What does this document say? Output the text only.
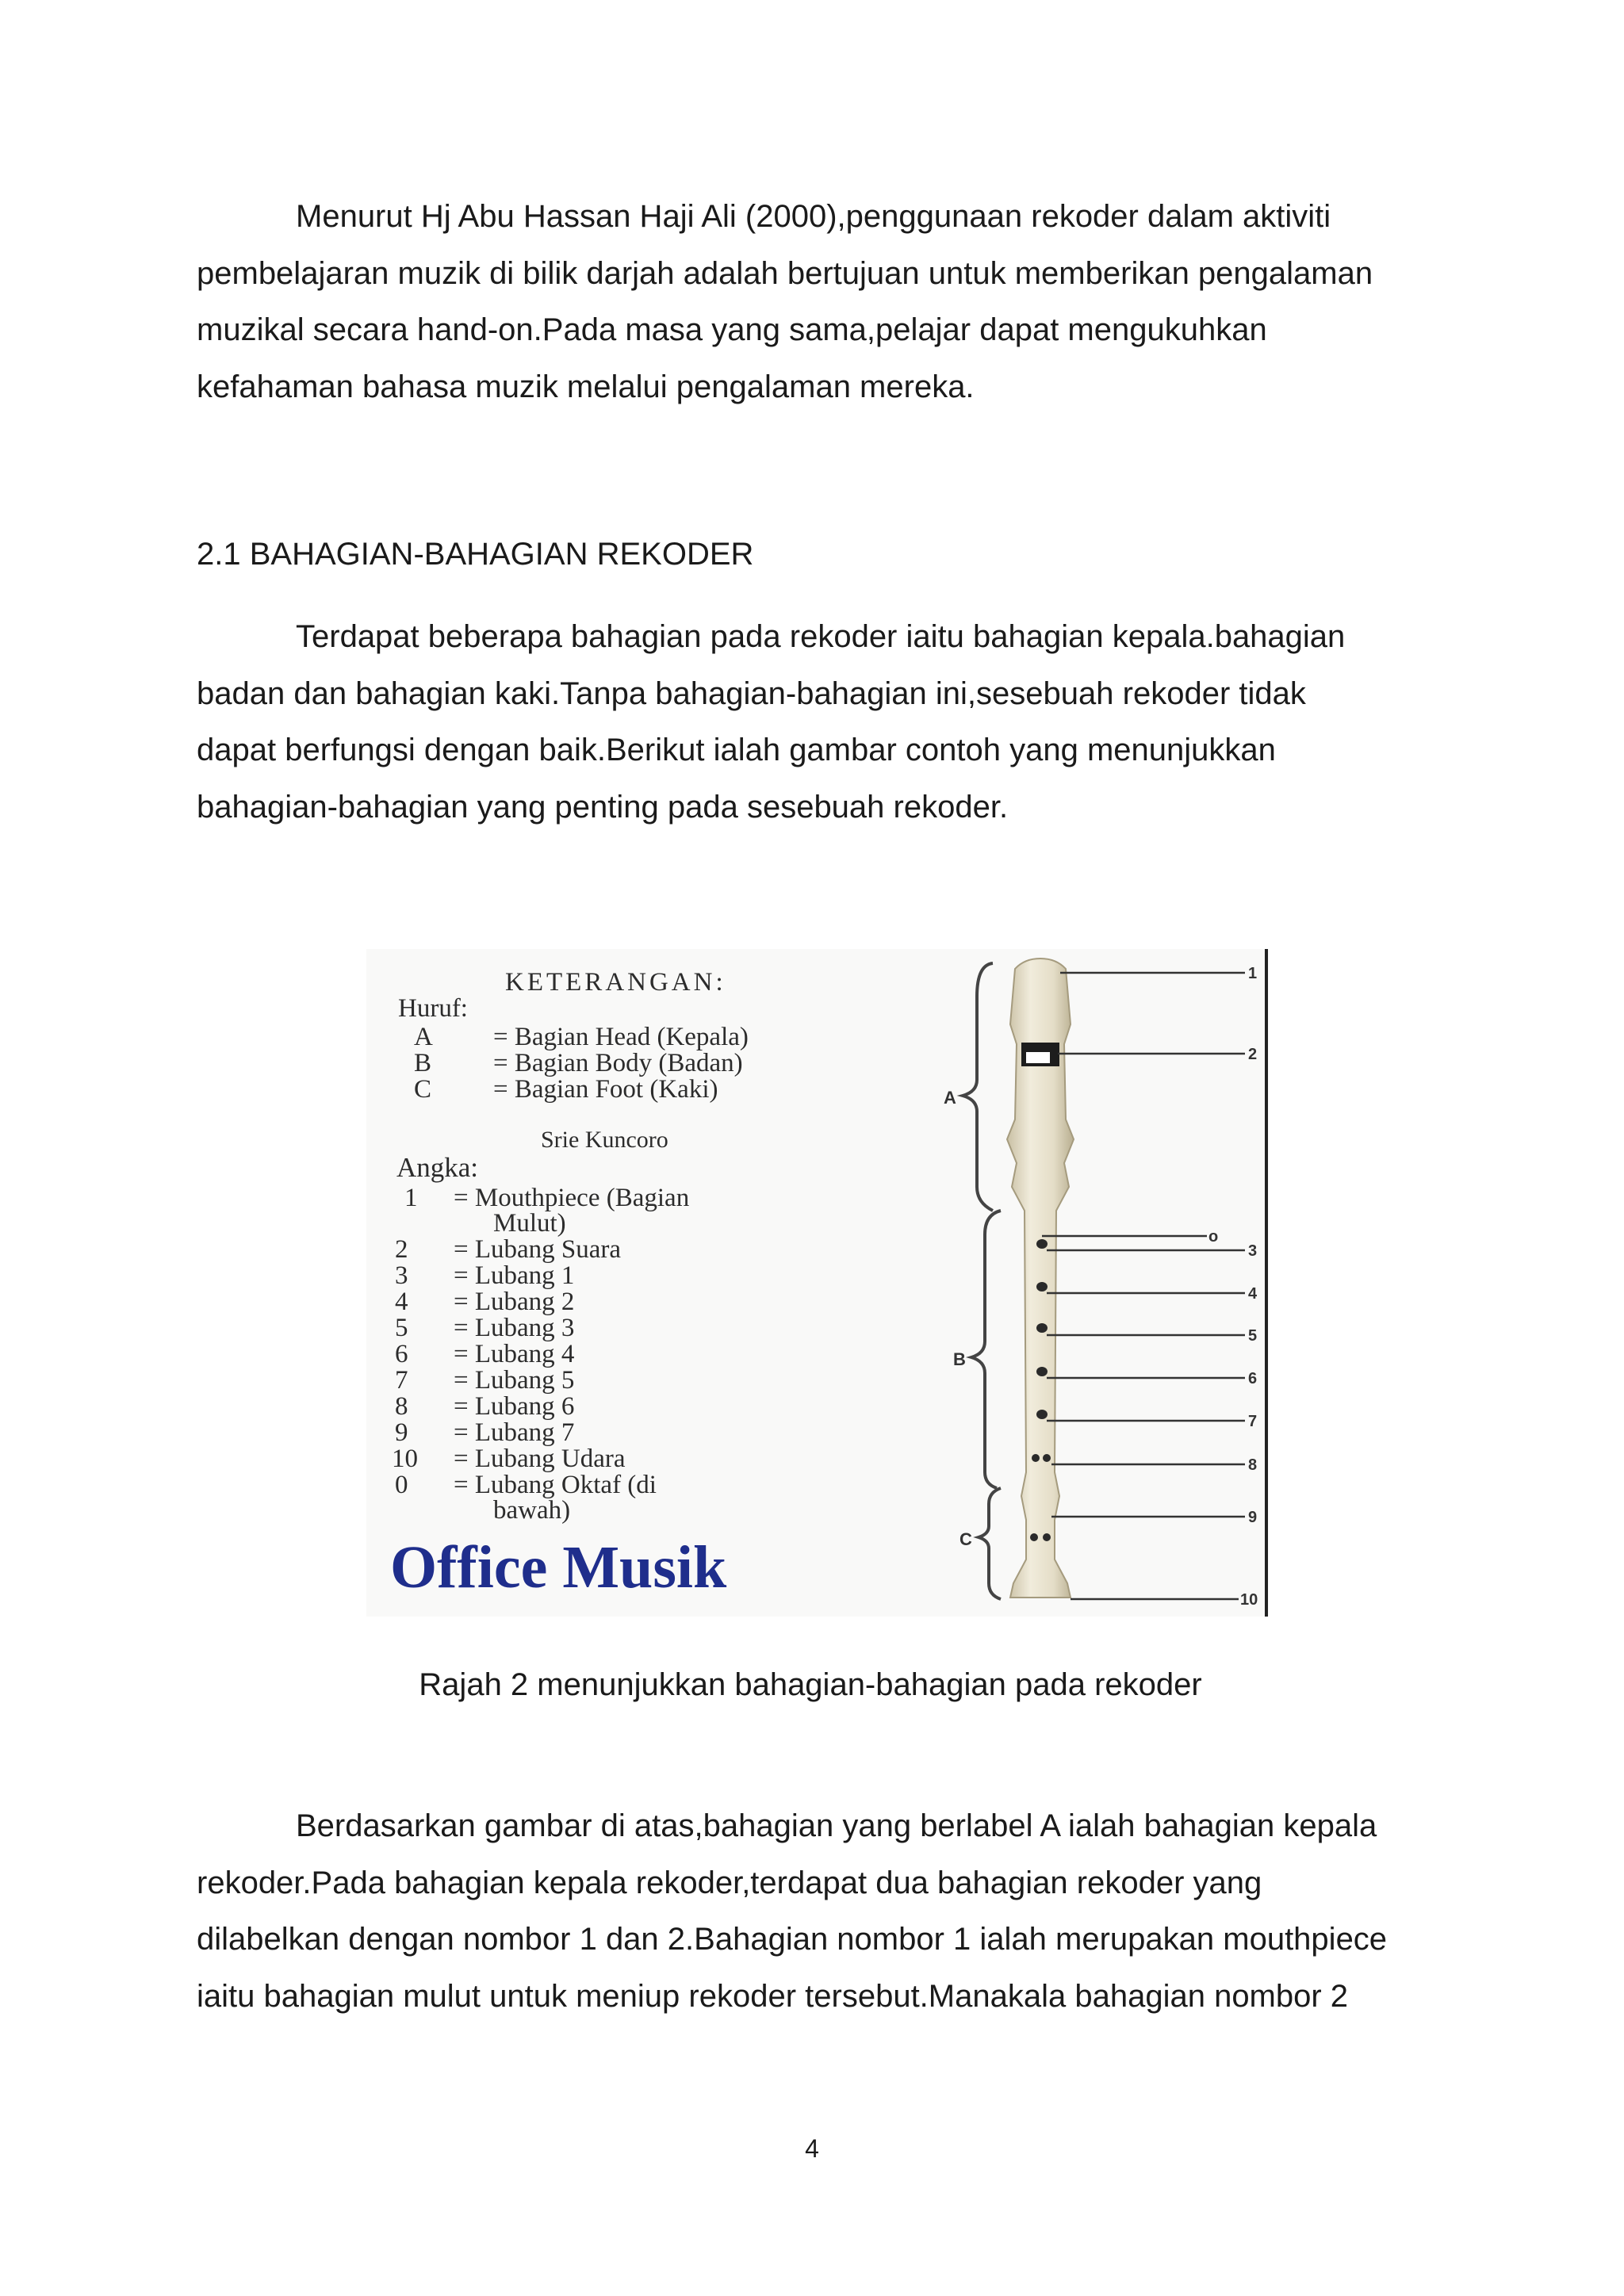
Menurut Hj Abu Hassan Haji Ali (2000),penggunaan rekoder dalam aktiviti
pembelajaran muzik di bilik darjah adalah bertujuan untuk memberikan pengalaman
muzikal secara hand-on.Pada masa yang sama,pelajar dapat mengukuhkan
kefahaman bahasa muzik melalui pengalaman mereka.

2.1 BAHAGIAN-BAHAGIAN REKODER

Terdapat beberapa bahagian pada rekoder iaitu bahagian kepala.bahagian
badan dan bahagian kaki.Tanpa bahagian-bahagian ini,sesebuah rekoder tidak
dapat berfungsi dengan baik.Berikut ialah gambar contoh yang menunjukkan
bahagian-bahagian yang penting pada sesebuah rekoder.

KETERANGAN:
Huruf:
A = Bagian Head (Kepala)
B = Bagian Body (Badan)
C = Bagian Foot (Kaki)
Srie Kuncoro
Angka:
1 = Mouthpiece (Bagian
Mulut)
2 = Lubang Suara
3 = Lubang 1
4 = Lubang 2
5 = Lubang 3
6 = Lubang 4
7 = Lubang 5
8 = Lubang 6
9 = Lubang 7
10 = Lubang Udara
0 = Lubang Oktaf (di
bawah)
Office Musik
A
B
C
1
2
o
3
4
5
6
7
8
9
10

Rajah 2 menunjukkan bahagian-bahagian pada rekoder

Berdasarkan gambar di atas,bahagian yang berlabel A ialah bahagian kepala
rekoder.Pada bahagian kepala rekoder,terdapat dua bahagian rekoder yang
dilabelkan dengan nombor 1 dan 2.Bahagian nombor 1 ialah merupakan mouthpiece
iaitu bahagian mulut untuk meniup rekoder tersebut.Manakala bahagian nombor 2

4
